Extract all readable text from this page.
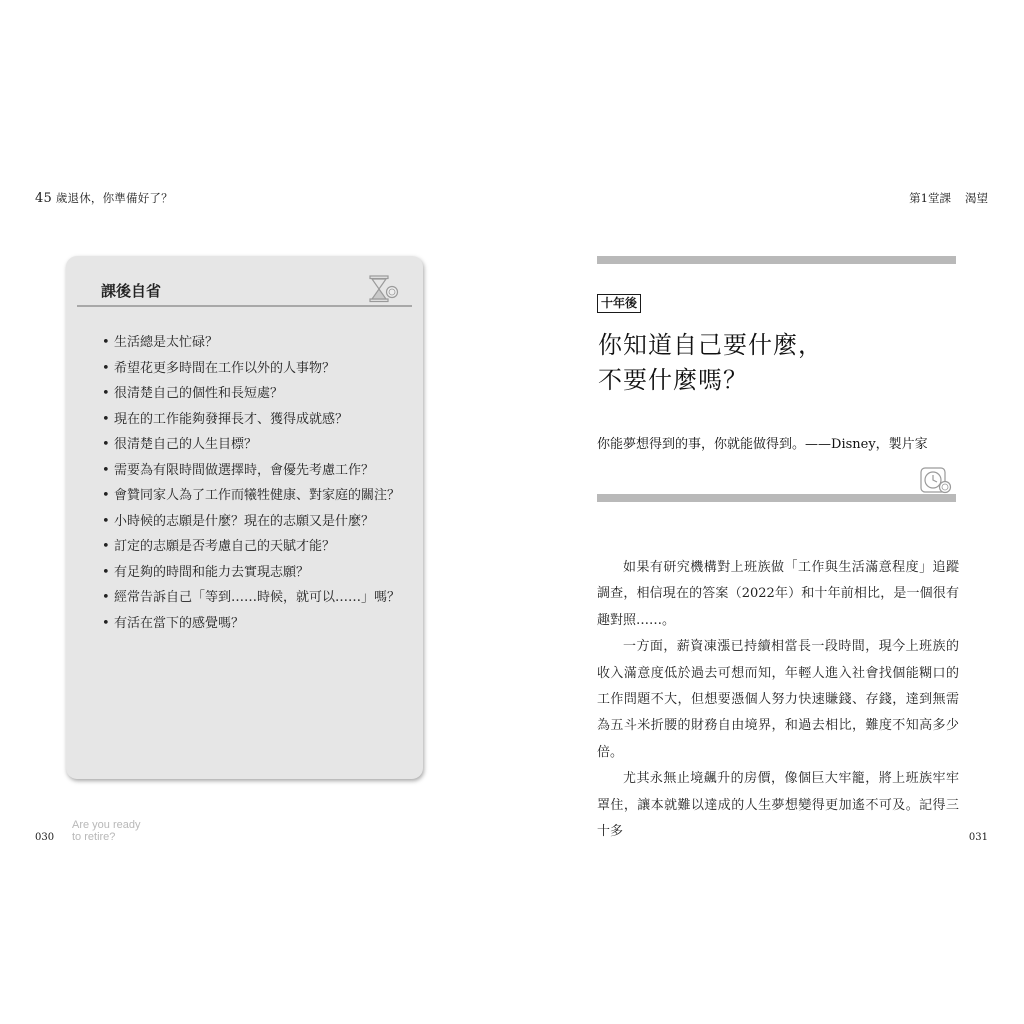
45 歲退休，你準備好了？	第1堂課 渴望
課後自省
• 生活總是太忙碌？
• 希望花更多時間在工作以外的人事物？
• 很清楚自己的個性和長短處？
• 現在的工作能夠發揮長才、獲得成就感？
• 很清楚自己的人生目標？
• 需要為有限時間做選擇時，會優先考慮工作？
• 會贊同家人為了工作而犧牲健康、對家庭的關注？
• 小時候的志願是什麼？現在的志願又是什麼？
• 訂定的志願是否考慮自己的天賦才能？
• 有足夠的時間和能力去實現志願？
• 經常告訴自己「等到……時候，就可以……」嗎？
• 有活在當下的感覺嗎？
030
Are you ready
to retire?
十年後
你知道自己要什麼，
不要什麼嗎？
你能夢想得到的事，你就能做得到。——Disney，製片家

如果有研究機構對上班族做「工作與生活滿意程度」追蹤調查，相信現在的答案（2022年）和十年前相比，是一個很有趣對照……。

一方面，薪資凍漲已持續相當長一段時間，現今上班族的收入滿意度低於過去可想而知，年輕人進入社會找個能糊口的工作問題不大，但想要憑個人努力快速賺錢、存錢，達到無需為五斗米折腰的財務自由境界，和過去相比，難度不知高多少倍。

尤其永無止境飆升的房價，像個巨大牢籠，將上班族牢牢罩住，讓本就難以達成的人生夢想變得更加遙不可及。記得三十多	031
